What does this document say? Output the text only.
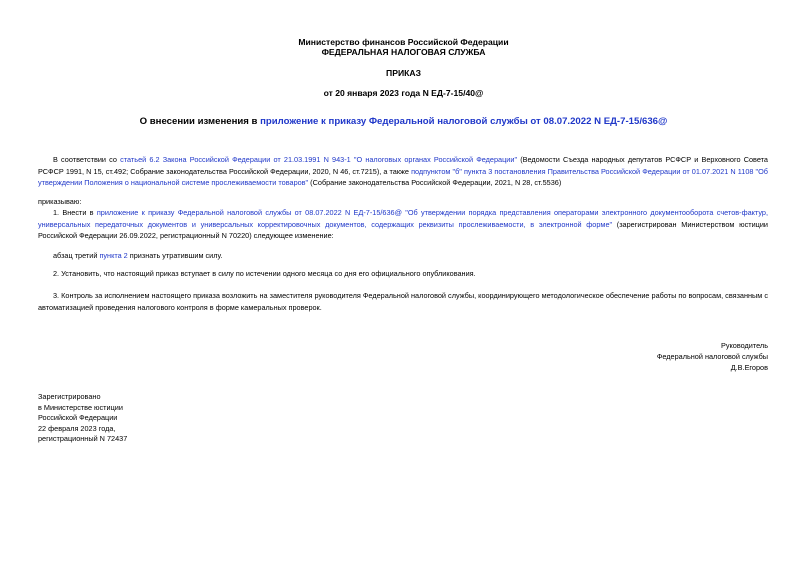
Министерство финансов Российской Федерации
ФЕДЕРАЛЬНАЯ НАЛОГОВАЯ СЛУЖБА
ПРИКАЗ
от 20 января 2023 года N ЕД-7-15/40@
О внесении изменения в приложение к приказу Федеральной налоговой службы от 08.07.2022 N ЕД-7-15/636@
В соответствии со статьей 6.2 Закона Российской Федерации от 21.03.1991 N 943-1 "О налоговых органах Российской Федерации" (Ведомости Съезда народных депутатов РСФСР и Верховного Совета РСФСР 1991, N 15, ст.492; Собрание законодательства Российской Федерации, 2020, N 46, ст.7215), а также подпунктом "б" пункта 3 постановления Правительства Российской Федерации от 01.07.2021 N 1108 "Об утверждении Положения о национальной системе прослеживаемости товаров" (Собрание законодательства Российской Федерации, 2021, N 28, ст.5536)
приказываю:
1. Внести в приложение к приказу Федеральной налоговой службы от 08.07.2022 N ЕД-7-15/636@ "Об утверждении порядка представления операторами электронного документооборота счетов-фактур, универсальных передаточных документов и универсальных корректировочных документов, содержащих реквизиты прослеживаемости, в электронной форме" (зарегистрирован Министерством юстиции Российской Федерации 26.09.2022, регистрационный N 70220) следующее изменение:
абзац третий пункта 2 признать утратившим силу.
2. Установить, что настоящий приказ вступает в силу по истечении одного месяца со дня его официального опубликования.
3. Контроль за исполнением настоящего приказа возложить на заместителя руководителя Федеральной налоговой службы, координирующего методологическое обеспечение работы по вопросам, связанным с автоматизацией проведения налогового контроля в форме камеральных проверок.
Руководитель
Федеральной налоговой службы
Д.В.Егоров
Зарегистрировано
в Министерстве юстиции
Российской Федерации
22 февраля 2023 года,
регистрационный N 72437
